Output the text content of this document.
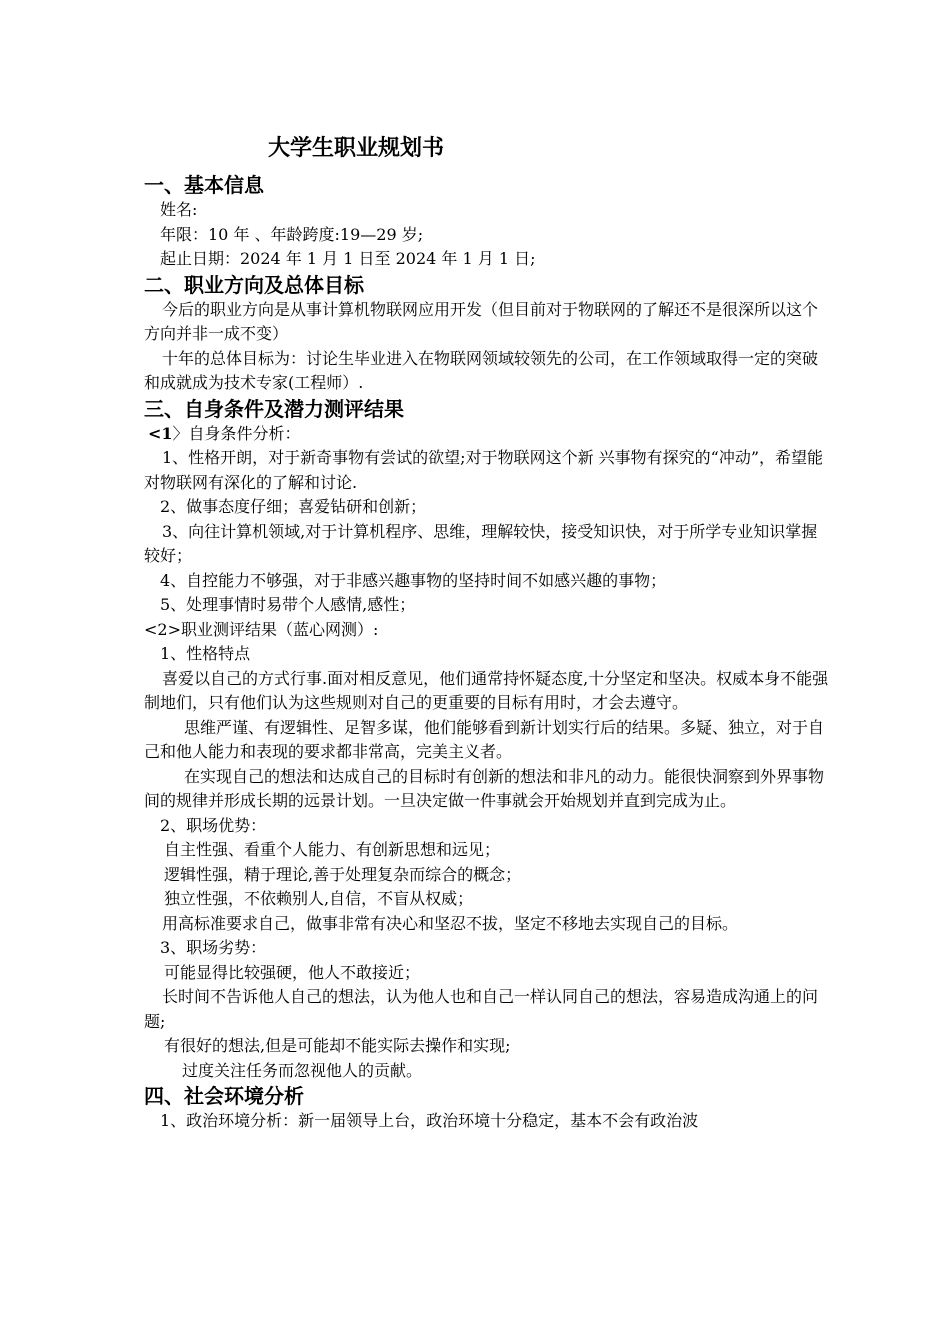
大学生职业规划书
一、基本信息
姓名:
年限：10 年 、年龄跨度:19—29 岁;
起止日期：2024 年 1 月 1 日至 2024 年 1 月 1 日;
二、职业方向及总体目标
今后的职业方向是从事计算机物联网应用开发（但目前对于物联网的了解还不是很深所以这个方向并非一成不变）
十年的总体目标为：讨论生毕业进入在物联网领域较领先的公司，在工作领域取得一定的突破和成就成为技术专家(工程师）.
三、自身条件及潜力测评结果
<1〉自身条件分析：
1、性格开朗，对于新奇事物有尝试的欲望;对于物联网这个新 兴事物有探究的“冲动”，希望能对物联网有深化的了解和讨论.
2、做事态度仔细；喜爱钻研和创新；
3、向往计算机领域,对于计算机程序、思维，理解较快，接受知识快，对于所学专业知识掌握较好；
4、自控能力不够强，对于非感兴趣事物的坚持时间不如感兴趣的事物；
5、处理事情时易带个人感情,感性；
<2>职业测评结果（蓝心网测）:
1、性格特点
喜爱以自己的方式行事.面对相反意见，他们通常持怀疑态度,十分坚定和坚决。权威本身不能强制地们，只有他们认为这些规则对自己的更重要的目标有用时，才会去遵守。
思维严谨、有逻辑性、足智多谋，他们能够看到新计划实行后的结果。多疑、独立，对于自己和他人能力和表现的要求都非常高，完美主义者。
在实现自己的想法和达成自己的目标时有创新的想法和非凡的动力。能很快洞察到外界事物间的规律并形成长期的远景计划。一旦决定做一件事就会开始规划并直到完成为止。
2、职场优势：
自主性强、看重个人能力、有创新思想和远见；
逻辑性强，精于理论,善于处理复杂而综合的概念；
独立性强，不依赖别人,自信，不盲从权威；
用高标准要求自己，做事非常有决心和坚忍不拔，坚定不移地去实现自己的目标。
3、职场劣势：
可能显得比较强硬，他人不敢接近；
长时间不告诉他人自己的想法，认为他人也和自己一样认同自己的想法，容易造成沟通上的问题;
有很好的想法,但是可能却不能实际去操作和实现;
过度关注任务而忽视他人的贡献。
四、社会环境分析
1、政治环境分析：新一届领导上台，政治环境十分稳定，基本不会有政治波
